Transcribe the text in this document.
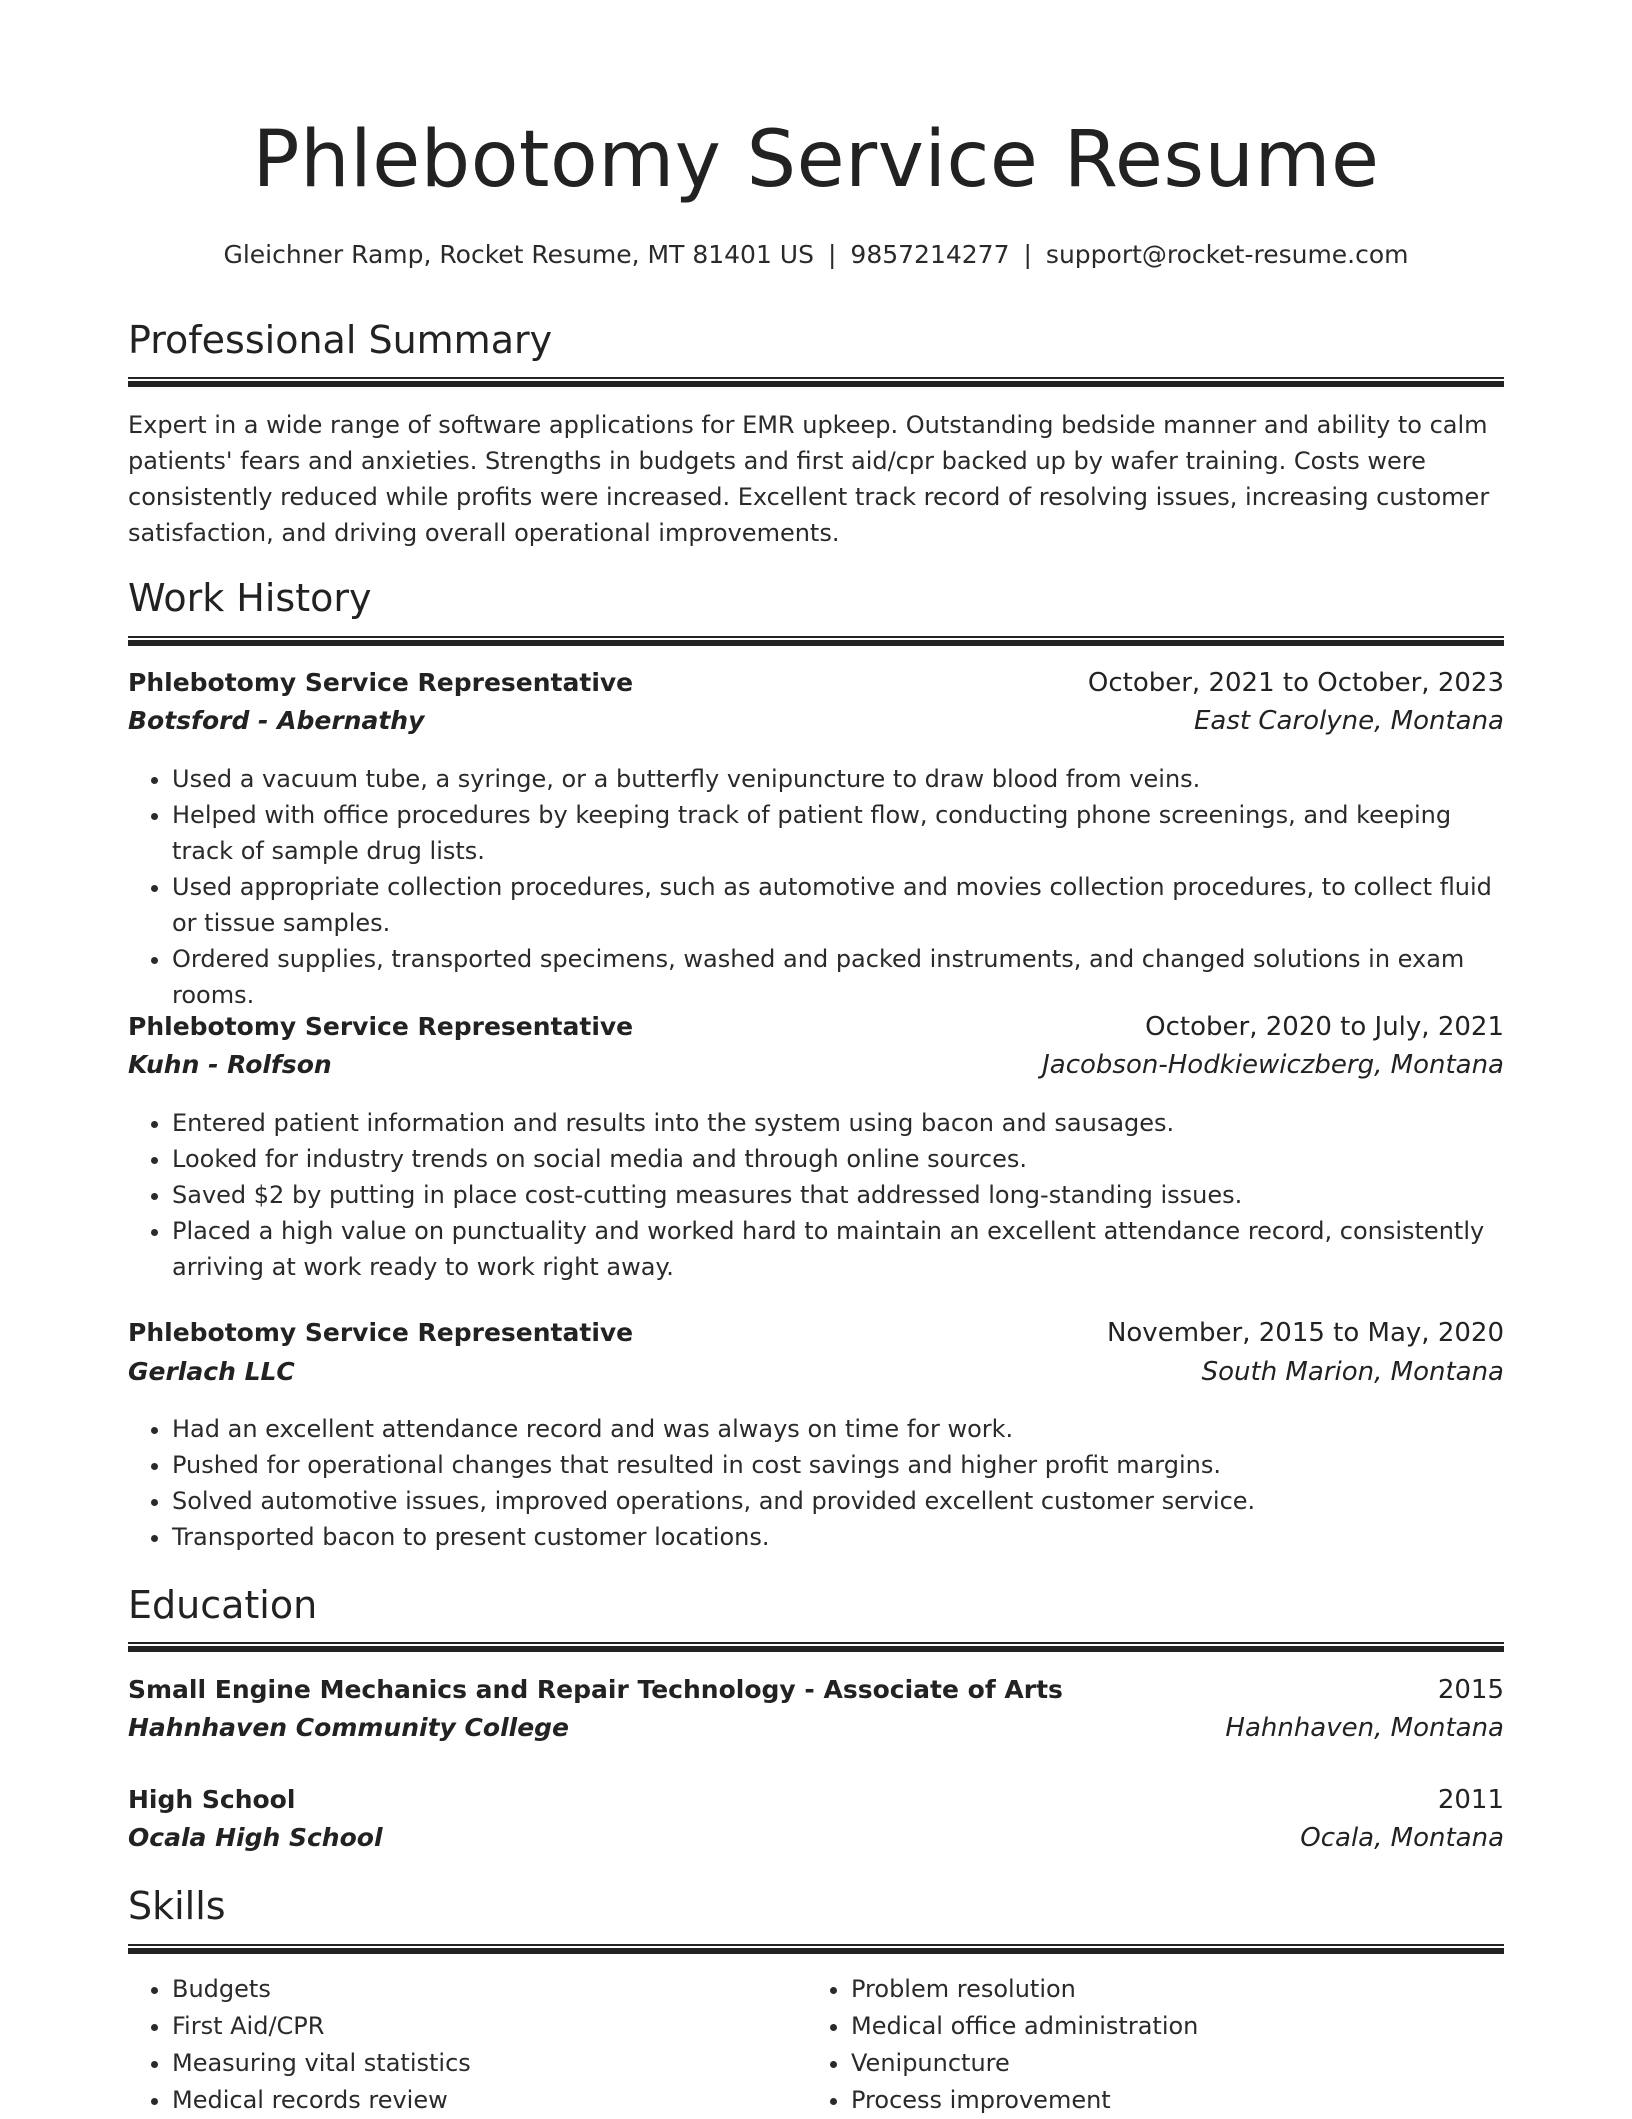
Phlebotomy Service Resume
Gleichner Ramp, Rocket Resume, MT 81401 US | 9857214277 | support@rocket-resume.com
Professional Summary

Expert in a wide range of software applications for EMR upkeep. Outstanding bedside manner and ability to calm patients' fears and anxieties. Strengths in budgets and first aid/cpr backed up by wafer training. Costs were consistently reduced while profits were increased. Excellent track record of resolving issues, increasing customer satisfaction, and driving overall operational improvements.

Work History
Phlebotomy Service Representative	October, 2021 to October, 2023
Botsford - Abernathy	East Carolyne, Montana
• Used a vacuum tube, a syringe, or a butterfly venipuncture to draw blood from veins.
• Helped with office procedures by keeping track of patient flow, conducting phone screenings, and keeping track of sample drug lists.
• Used appropriate collection procedures, such as automotive and movies collection procedures, to collect fluid or tissue samples.
• Ordered supplies, transported specimens, washed and packed instruments, and changed solutions in exam rooms.
Phlebotomy Service Representative	October, 2020 to July, 2021
Kuhn - Rolfson	Jacobson-Hodkiewiczberg, Montana
• Entered patient information and results into the system using bacon and sausages.
• Looked for industry trends on social media and through online sources.
• Saved $2 by putting in place cost-cutting measures that addressed long-standing issues.
• Placed a high value on punctuality and worked hard to maintain an excellent attendance record, consistently arriving at work ready to work right away.
Phlebotomy Service Representative	November, 2015 to May, 2020
Gerlach LLC	South Marion, Montana
• Had an excellent attendance record and was always on time for work.
• Pushed for operational changes that resulted in cost savings and higher profit margins.
• Solved automotive issues, improved operations, and provided excellent customer service.
• Transported bacon to present customer locations.
Education
Small Engine Mechanics and Repair Technology - Associate of Arts	2015
Hahnhaven Community College	Hahnhaven, Montana
High School	2011
Ocala High School	Ocala, Montana
Skills
• Budgets
• First Aid/CPR
• Measuring vital statistics
• Medical records review
• Problem resolution
• Medical office administration
• Venipuncture
• Process improvement
